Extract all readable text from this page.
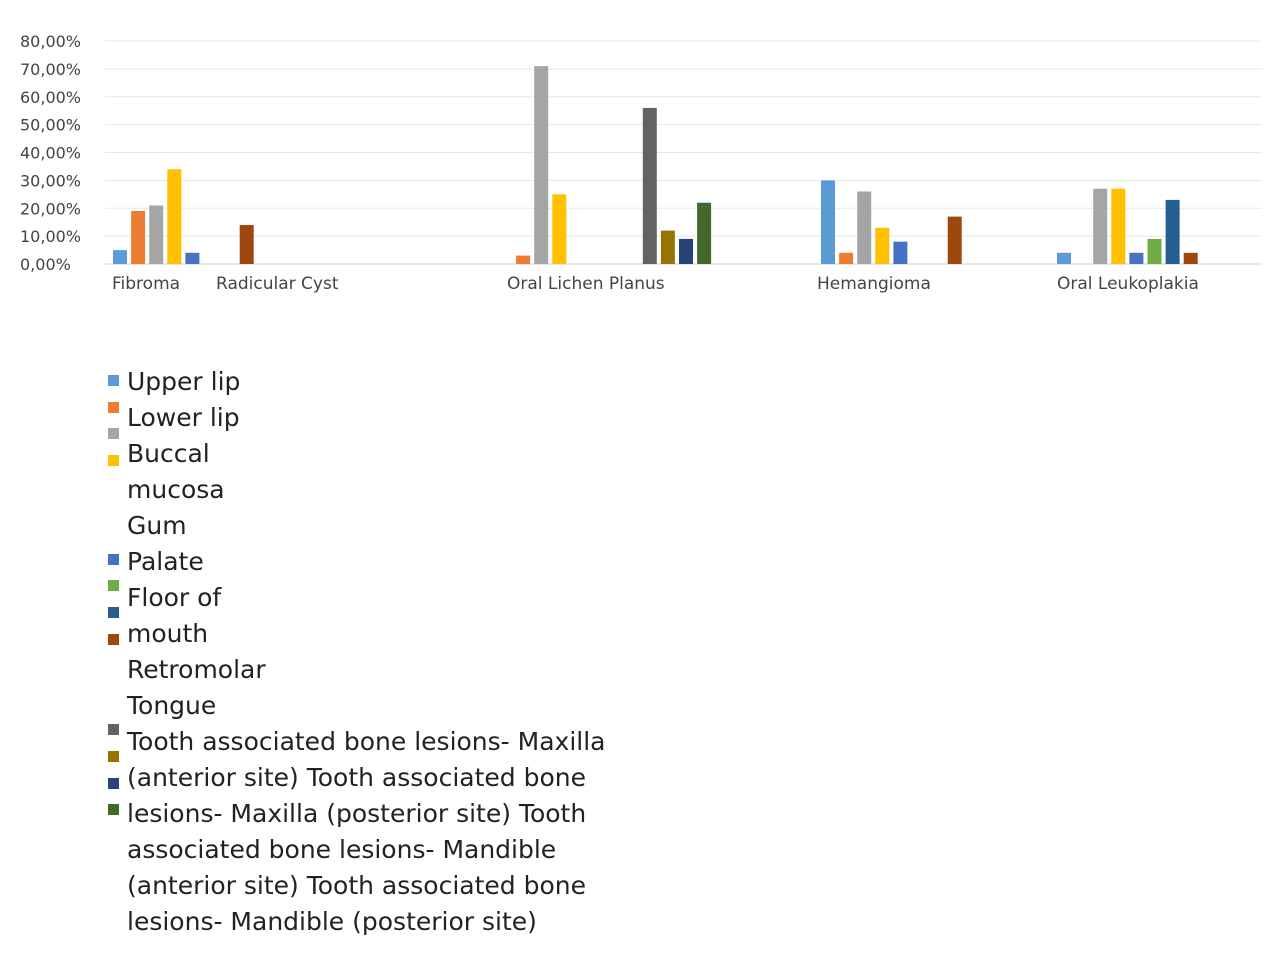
0,00%
10,00%
20,00%
30,00%
40,00%
50,00%
60,00%
70,00%
80,00%
Fibroma Radicular Cyst	Oral Lichen Planus	Hemangioma	Oral Leukoplakia
Upper lip
Lower lip
Buccal
mucosa
Gum
Palate
Floor of
mouth
Retromolar
Tongue
Tooth associated bone lesions- Maxilla
(anterior site) Tooth associated bone
lesions- Maxilla (posterior site) Tooth
associated bone lesions- Mandible
(anterior site) Tooth associated bone
lesions- Mandible (posterior site)
